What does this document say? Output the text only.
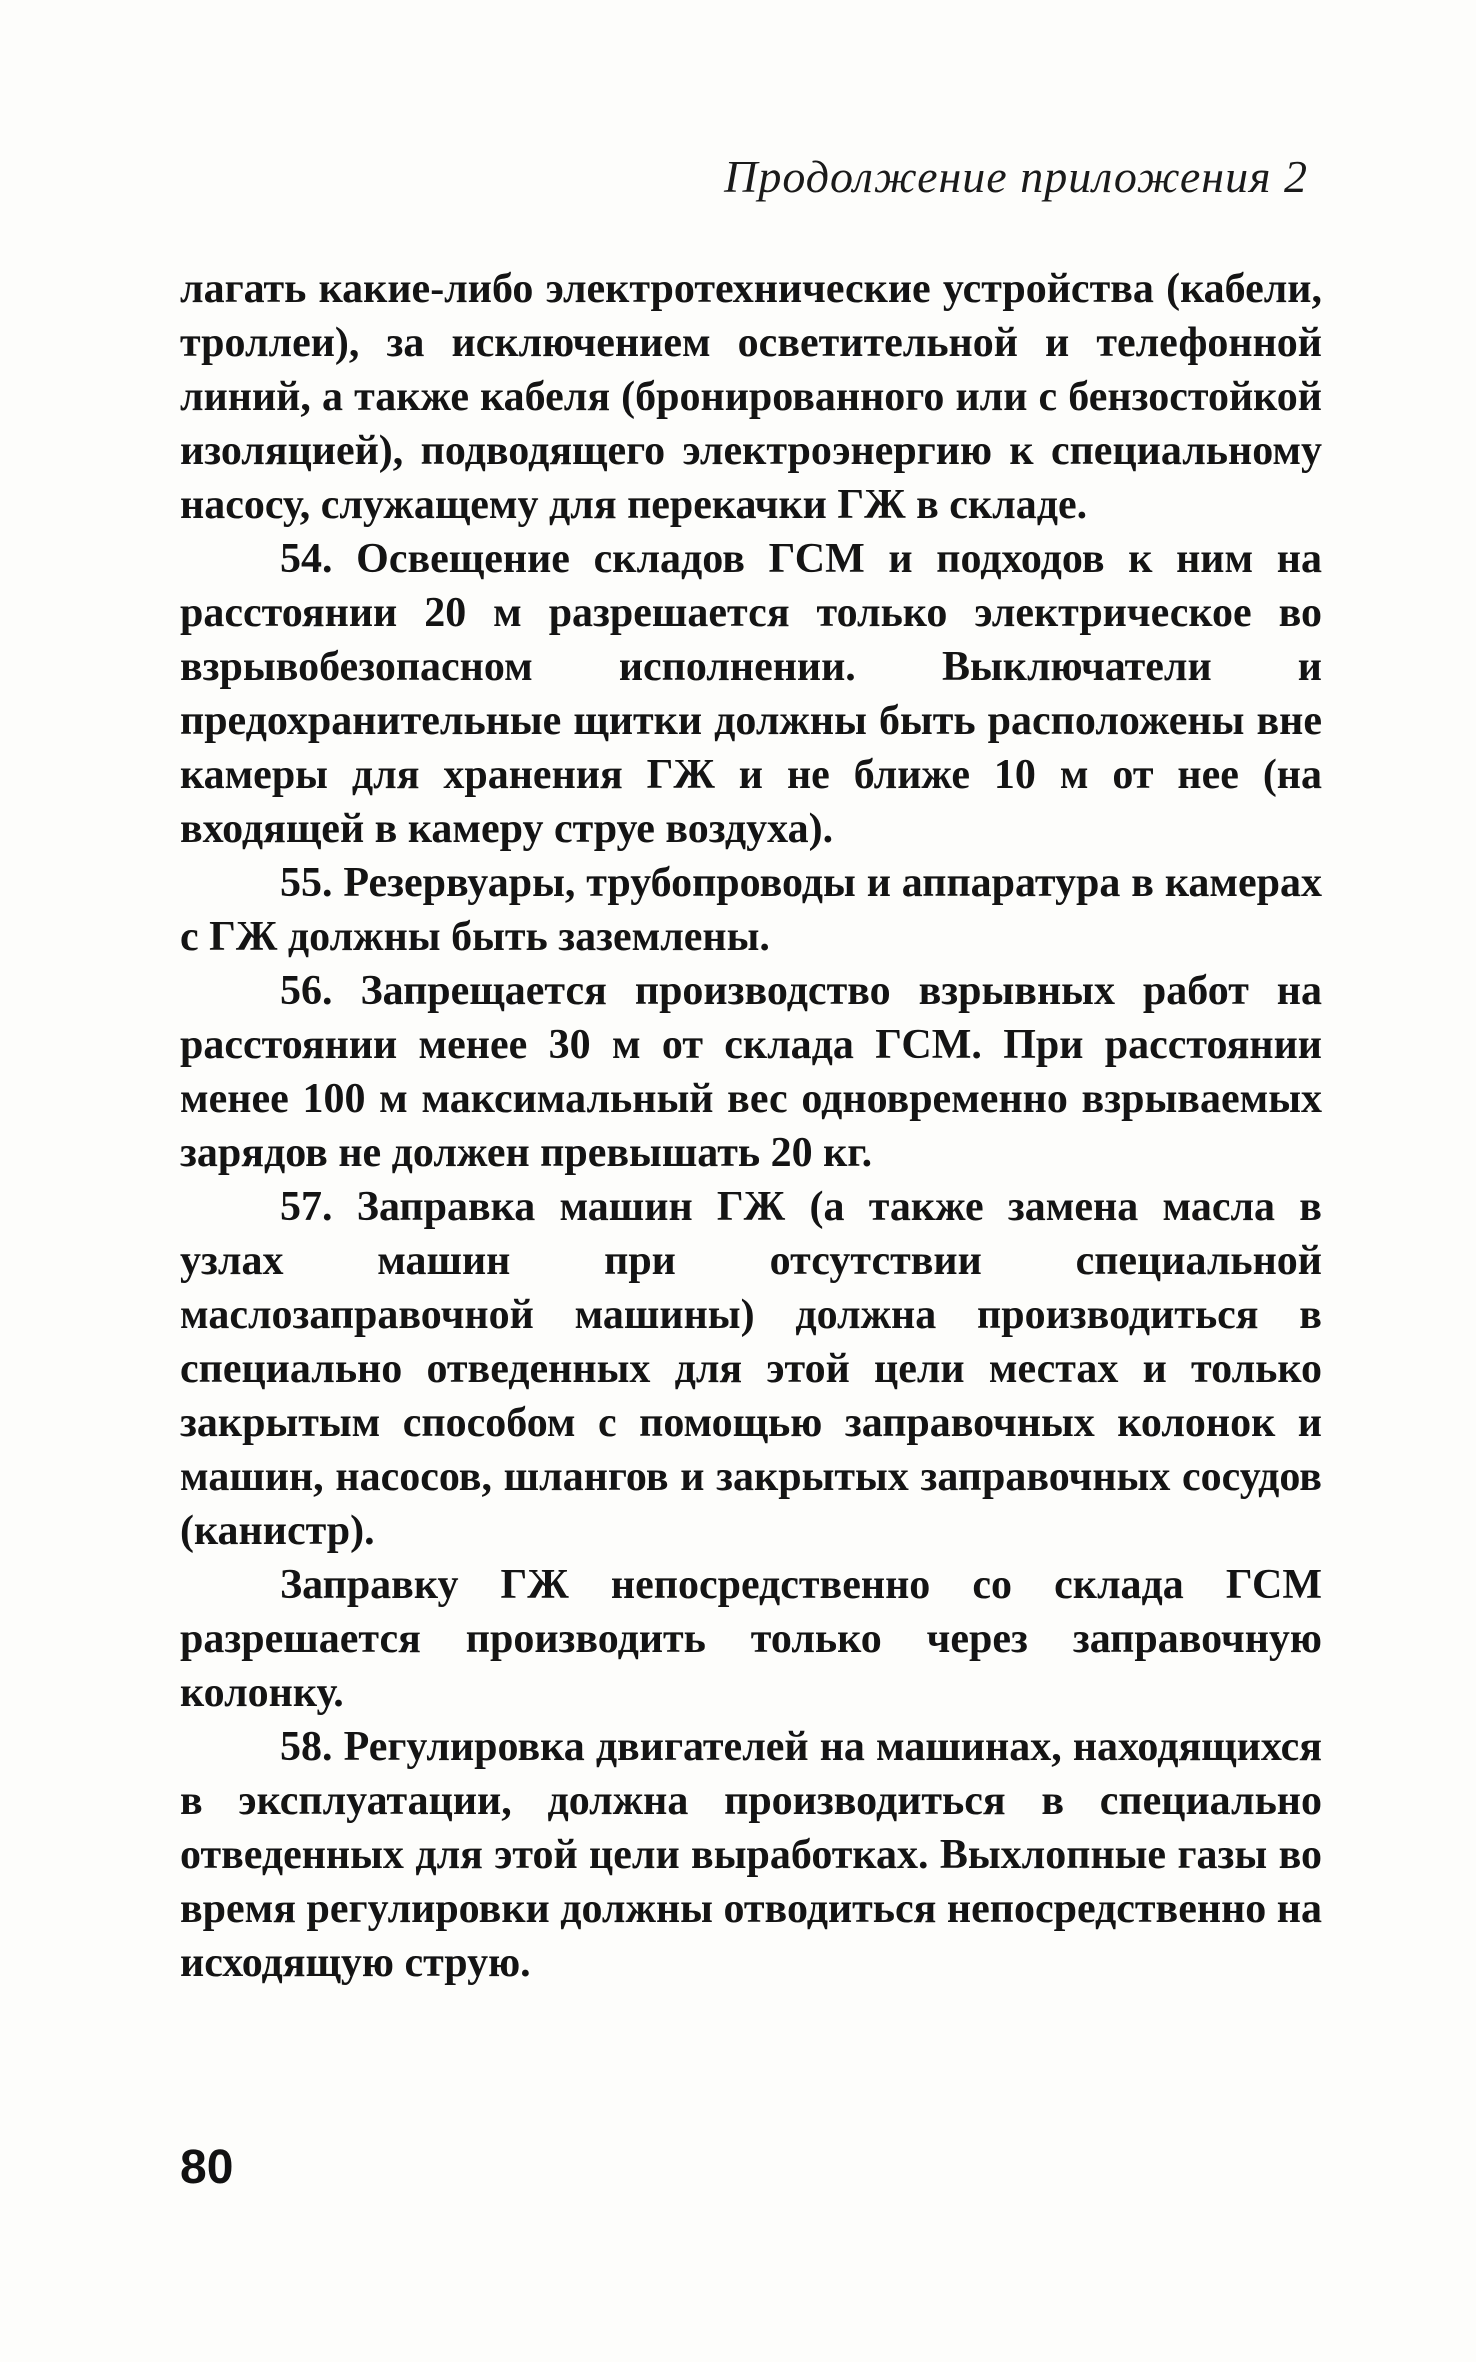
Продолжение приложения 2

лагать какие-либо электротехнические устройства (кабели, троллеи), за исключением осветительной и телефонной линий, а также кабеля (бронированного или с бензостойкой изоляцией), подводящего электроэнергию к специальному насосу, служащему для перекачки ГЖ в складе.

54. Освещение складов ГСМ и подходов к ним на расстоянии 20 м разрешается только электрическое во взрывобезопасном исполнении. Выключатели и предохранительные щитки должны быть расположены вне камеры для хранения ГЖ и не ближе 10 м от нее (на входящей в камеру струе воздуха).

55. Резервуары, трубопроводы и аппаратура в камерах с ГЖ должны быть заземлены.

56. Запрещается производство взрывных работ на расстоянии менее 30 м от склада ГСМ. При расстоянии менее 100 м максимальный вес одновременно взрываемых зарядов не должен превышать 20 кг.

57. Заправка машин ГЖ (а также замена масла в узлах машин при отсутствии специальной маслозаправочной машины) должна производиться в специально отведенных для этой цели местах и только закрытым способом с помощью заправочных колонок и машин, насосов, шлангов и закрытых заправочных сосудов (канистр).

Заправку ГЖ непосредственно со склада ГСМ разрешается производить только через заправочную колонку.

58. Регулировка двигателей на машинах, находящихся в эксплуатации, должна производиться в специально отведенных для этой цели выработках. Выхлопные газы во время регулировки должны отводиться непосредственно на исходящую струю.

80
